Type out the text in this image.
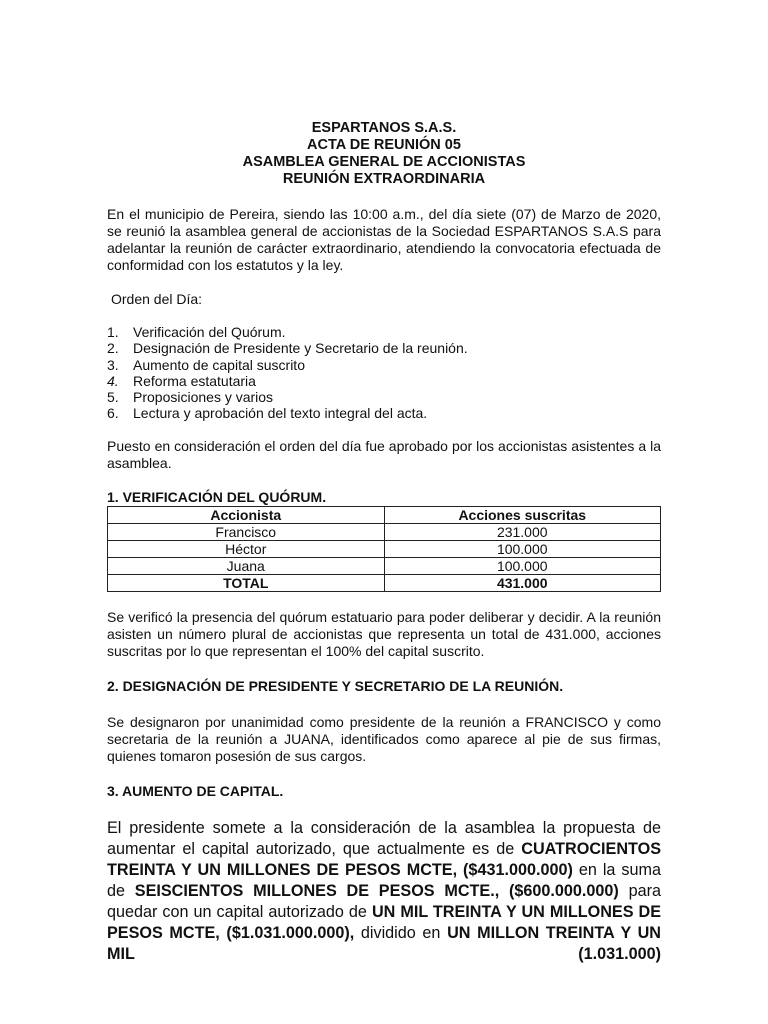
ESPARTANOS S.A.S.
ACTA DE REUNIÓN 05
ASAMBLEA GENERAL DE ACCIONISTAS
REUNIÓN EXTRAORDINARIA

En el municipio de Pereira, siendo las 10:00 a.m., del día siete (07) de Marzo de 2020, se reunió la asamblea general de accionistas de la Sociedad ESPARTANOS S.A.S para adelantar la reunión de carácter extraordinario, atendiendo la convocatoria efectuada de conformidad con los estatutos y la ley.

Orden del Día:
1.	Verificación del Quórum.
2.	Designación de Presidente y Secretario de la reunión.
3.	Aumento de capital suscrito
4.	Reforma estatutaria
5.	Proposiciones y varios
6.	Lectura y aprobación del texto integral del acta.

Puesto en consideración el orden del día fue aprobado por los accionistas asistentes a la asamblea.

1. VERIFICACIÓN DEL QUÓRUM.
Accionista	Acciones suscritas
Francisco	231.000
Héctor	100.000
Juana	100.000
TOTAL	431.000

Se verificó la presencia del quórum estatuario para poder deliberar y decidir. A la reunión asisten un número plural de accionistas que representa un total de 431.000, acciones suscritas por lo que representan el 100% del capital suscrito.

2. DESIGNACIÓN DE PRESIDENTE Y SECRETARIO DE LA REUNIÓN.

Se designaron por unanimidad como presidente de la reunión a FRANCISCO y como secretaria de la reunión a JUANA, identificados como aparece al pie de sus firmas, quienes tomaron posesión de sus cargos.

3. AUMENTO DE CAPITAL.

El presidente somete a la consideración de la asamblea la propuesta de aumentar el capital autorizado, que actualmente es de CUATROCIENTOS TREINTA Y UN MILLONES DE PESOS MCTE, ($431.000.000) en la suma de SEISCIENTOS MILLONES DE PESOS MCTE., ($600.000.000) para quedar con un capital autorizado de UN MIL TREINTA Y UN MILLONES DE PESOS MCTE, ($1.031.000.000), dividido en UN MILLON TREINTA Y UN MIL (1.031.000)
